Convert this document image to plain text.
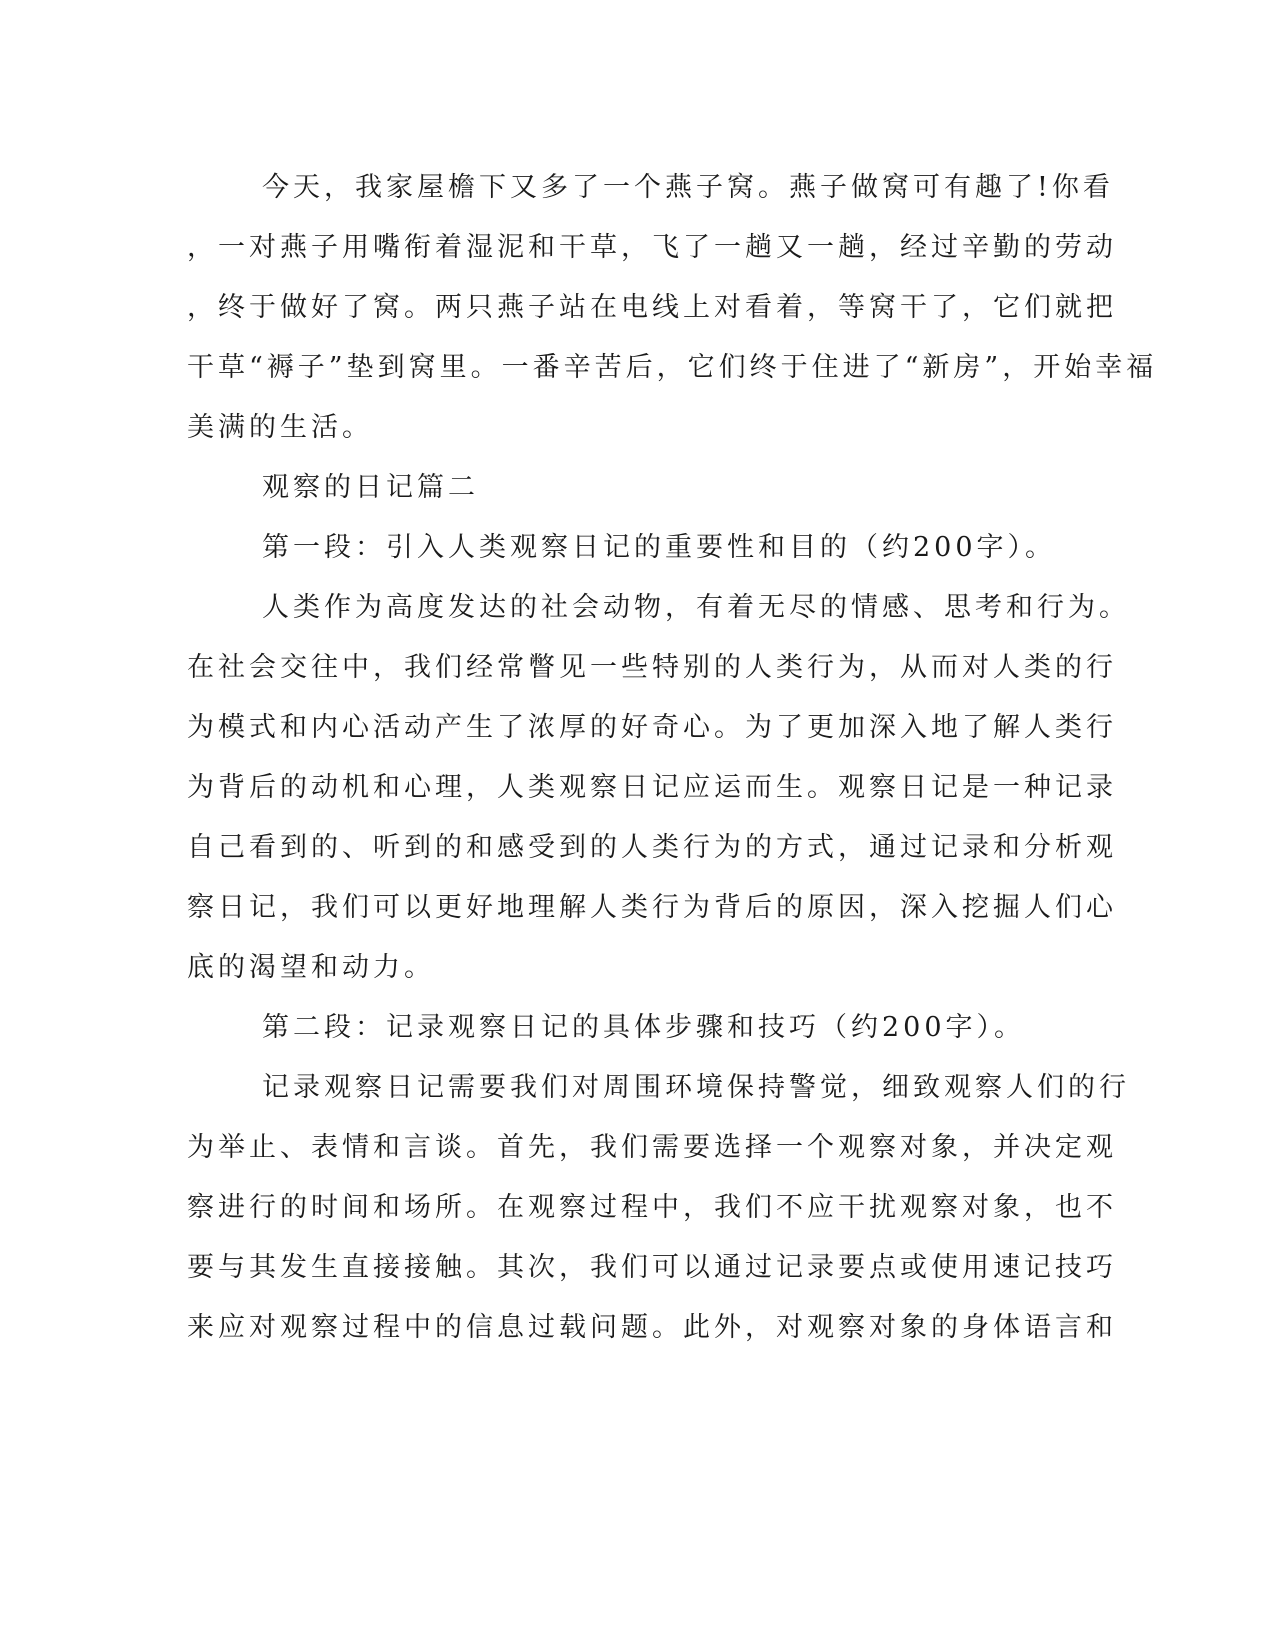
今天，我家屋檐下又多了一个燕子窝。燕子做窝可有趣了!你看
，一对燕子用嘴衔着湿泥和干草，飞了一趟又一趟，经过辛勤的劳动
，终于做好了窝。两只燕子站在电线上对看着，等窝干了，它们就把
干草“褥子”垫到窝里。一番辛苦后，它们终于住进了“新房”，开始幸福
美满的生活。
观察的日记篇二
第一段：引入人类观察日记的重要性和目的（约200字）。
人类作为高度发达的社会动物，有着无尽的情感、思考和行为。
在社会交往中，我们经常瞥见一些特别的人类行为，从而对人类的行
为模式和内心活动产生了浓厚的好奇心。为了更加深入地了解人类行
为背后的动机和心理，人类观察日记应运而生。观察日记是一种记录
自己看到的、听到的和感受到的人类行为的方式，通过记录和分析观
察日记，我们可以更好地理解人类行为背后的原因，深入挖掘人们心
底的渴望和动力。
第二段：记录观察日记的具体步骤和技巧（约200字）。
记录观察日记需要我们对周围环境保持警觉，细致观察人们的行
为举止、表情和言谈。首先，我们需要选择一个观察对象，并决定观
察进行的时间和场所。在观察过程中，我们不应干扰观察对象，也不
要与其发生直接接触。其次，我们可以通过记录要点或使用速记技巧
来应对观察过程中的信息过载问题。此外，对观察对象的身体语言和
